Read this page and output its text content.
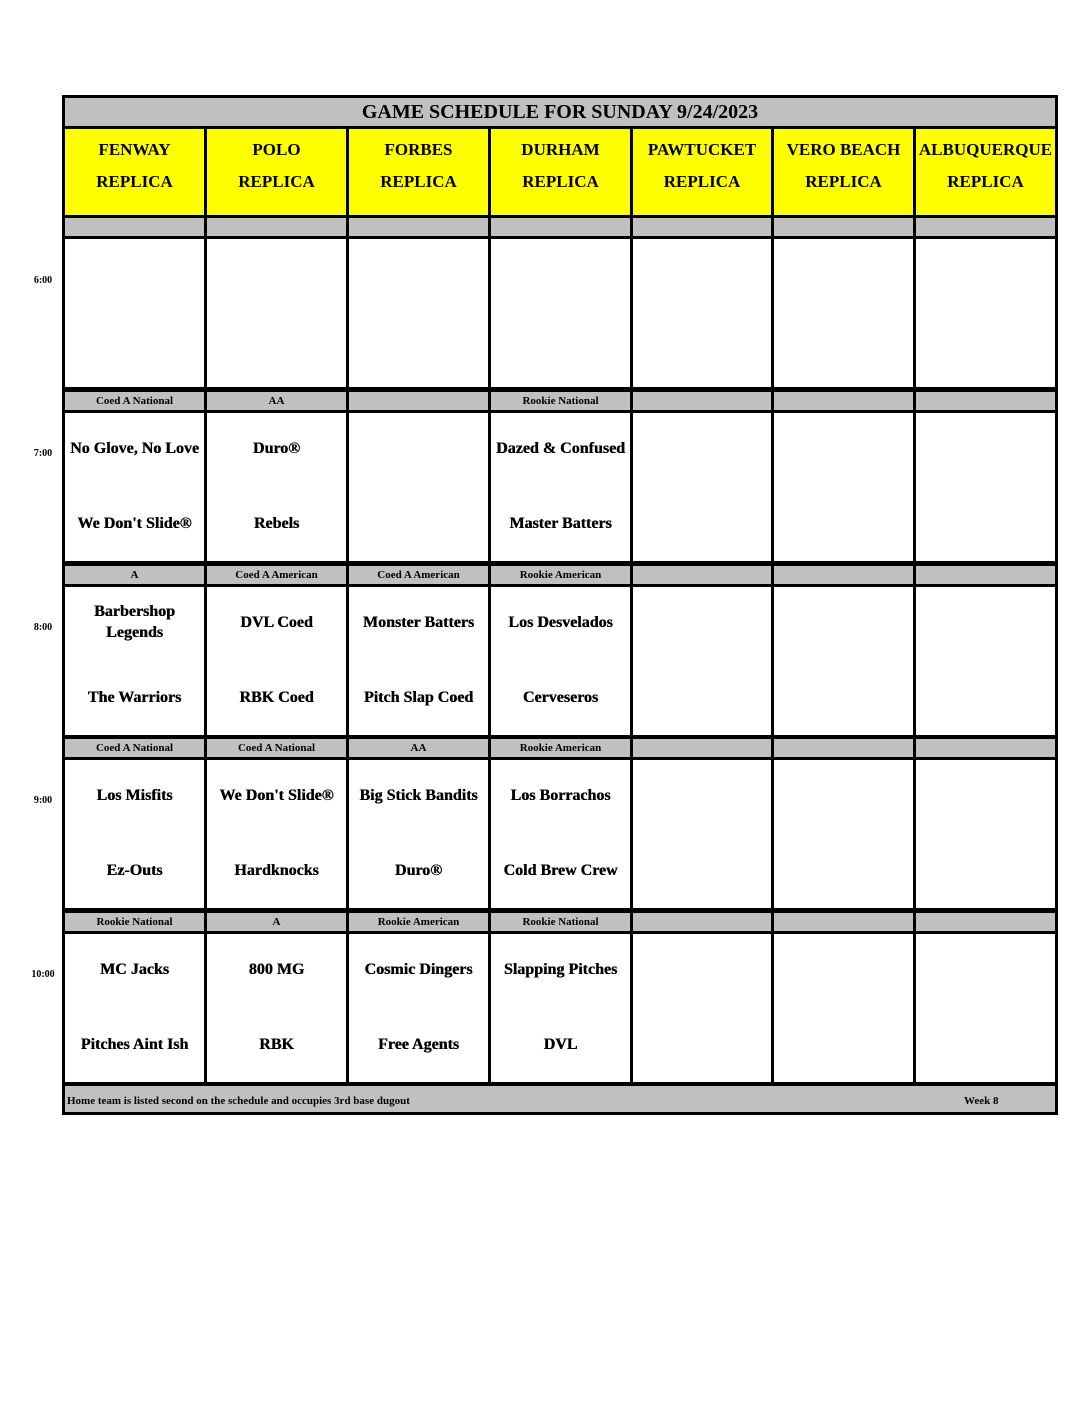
GAME SCHEDULE FOR SUNDAY 9/24/2023
FENWAY
REPLICA
POLO
REPLICA
FORBES
REPLICA
DURHAM
REPLICA
PAWTUCKET
REPLICA
VERO BEACH
REPLICA
ALBUQUERQUE
REPLICA
Coed A National
No Glove, No Love
We Don't Slide®
AA
Duro®
Rebels
Rookie National
Dazed & Confused
Master Batters
A
Barbershop Legends
The Warriors
Coed A American
DVL Coed
RBK Coed
Coed A American
Monster Batters
Pitch Slap Coed
Rookie American
Los Desvelados
Cerveseros
Coed A National
Los Misfits
Ez-Outs
Coed A National
We Don't Slide®
Hardknocks
AA
Big Stick Bandits
Duro®
Rookie American
Los Borrachos
Cold Brew Crew
Rookie National
MC Jacks
Pitches Aint Ish
A
800 MG
RBK
Rookie American
Cosmic Dingers
Free Agents
Rookie National
Slapping Pitches
DVL
Home team is listed second on the schedule and occupies 3rd base dugout	Week 8
6:00
7:00
8:00
9:00
10:00
